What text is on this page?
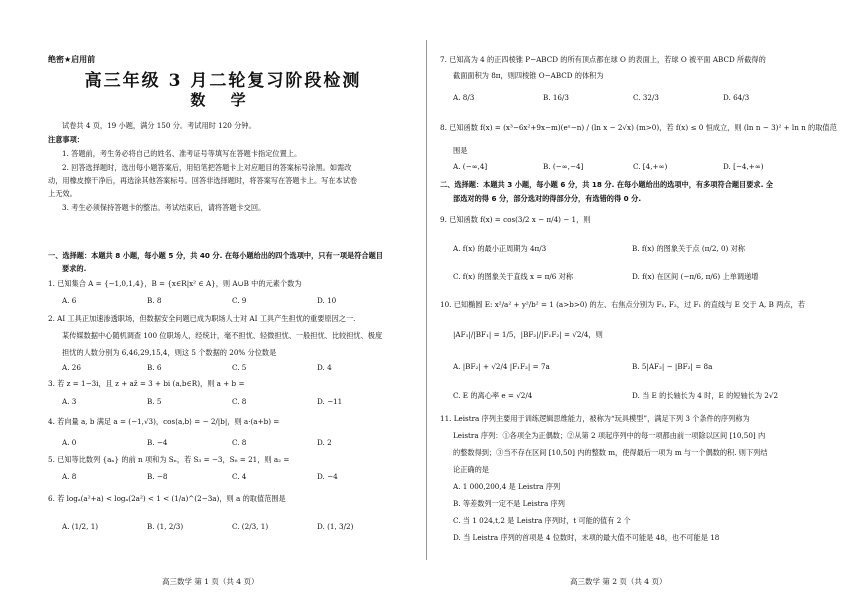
绝密★启用前
高三年级 3 月二轮复习阶段检测
数 学
试卷共 4 页，19 小题，满分 150 分。考试用时 120 分钟。
注意事项：
1. 答题前，考生务必将自己的姓名、准考证号等填写在答题卡指定位置上。
2. 回答选择题时，选出每小题答案后，用铅笔把答题卡上对应题目的答案标号涂黑。如需改
动，用橡皮擦干净后，再选涂其他答案标号。回答非选择题时，将答案写在答题卡上。写在本试卷
上无效。
3. 考生必须保持答题卡的整洁。考试结束后，请将答题卡交回。
一、选择题：本题共 8 小题，每小题 5 分，共 40 分. 在每小题给出的四个选项中，只有一项是符合题目
要求的.
1. 已知集合 A = {−1,0,1,4}，B = {x∈R|x² ∈ A}，则 A∪B 中的元素个数为
A. 6	B. 8	C. 9	D. 10
2. AI 工具正加速渗透职场，但数据安全问题已成为职场人士对 AI 工具产生担忧的重要原因之一.
某传媒数据中心随机调查 100 位职场人，经统计，毫不担忧、轻微担忧、一般担忧、比较担忧、极度
担忧的人数分别为 6,46,29,15,4，则这 5 个数据的 20% 分位数是
A. 26	B. 6	C. 5	D. 4
3. 若 z = 1−3i，且 z + az̄ = 3 + bi (a,b∈R)，则 a + b =
A. 3	B. 5	C. 8	D. −11
4. 若向量 a, b 满足 a = (−1,√3)，cos⟨a,b⟩ = − 2/|b|，则 a·(a+b) =
A. 0	B. −4	C. 8	D. 2
5. 已知等比数列 {aₙ} 的前 n 项和为 Sₙ，若 S₃ = −3，S₆ = 21，则 a₂ =
A. 8	B. −8	C. 4	D. −4
6. 若 logₐ(a²+a) < logₐ(2a²) < 1 < (1/a)^(2−3a)，则 a 的取值范围是
A. (1/2, 1)	B. (1, 2/3)	C. (2/3, 1)	D. (1, 3/2)
7. 已知高为 4 的正四棱锥 P−ABCD 的所有顶点都在球 O 的表面上，若球 O 被平面 ABCD 所截得的
截面面积为 8π，则四棱锥 O−ABCD 的体积为
A. 8/3	B. 16/3	C. 32/3	D. 64/3
8. 已知函数 f(x) = (x³−6x²+9x−m)(eˣ−n) / (ln x − 2√x) (m>0)，若 f(x) ≤ 0 恒成立，则 (ln n − 3)² + ln n 的取值范
围是
A. (−∞,4]	B. (−∞,−4]	C. [4,+∞)	D. [−4,+∞)
二、选择题：本题共 3 小题，每小题 6 分，共 18 分. 在每小题给出的选项中，有多项符合题目要求. 全
部选对的得 6 分，部分选对的得部分分，有选错的得 0 分.
9. 已知函数 f(x) = cos(3/2 x − π/4) − 1，则
A. f(x) 的最小正周期为 4π/3	B. f(x) 的图象关于点 (π/2, 0) 对称
C. f(x) 的图象关于直线 x = π/6 对称	D. f(x) 在区间 (−π/6, π/6) 上单调递增
10. 已知椭圆 E: x²/a² + y²/b² = 1 (a>b>0) 的左、右焦点分别为 F₁, F₂，过 F₁ 的直线与 E 交于 A, B 两点，若
|AF₁|/|BF₁| = 1/5，|BF₂|/|F₁F₂| = √2/4，则
A. |BF₂| + √2/4 |F₁F₂| = 7a	B. 5|AF₂| − |BF₂| = 8a
C. E 的离心率 e = √2/4	D. 当 E 的长轴长为 4 时，E 的短轴长为 2√2
11. Leistra 序列主要用于训练逻辑思维能力，被称为“玩具模型”，满足下列 3 个条件的序列称为
Leistra 序列：①各项全为正偶数；②从第 2 项起序列中的每一项都由前一项除以区间 [10,50] 内
的整数得到；③当不存在区间 [10,50] 内的整数 m，使得最后一项为 m 与一个偶数的积. 则下列结
论正确的是
A. 1 000,200,4 是 Leistra 序列
B. 等差数列一定不是 Leistra 序列
C. 当 1 024,t,2 是 Leistra 序列时，t 可能的值有 2 个
D. 当 Leistra 序列的首项是 4 位数时，末项的最大值不可能是 48，也不可能是 18
高三数学 第 1 页（共 4 页）	高三数学 第 2 页（共 4 页）
